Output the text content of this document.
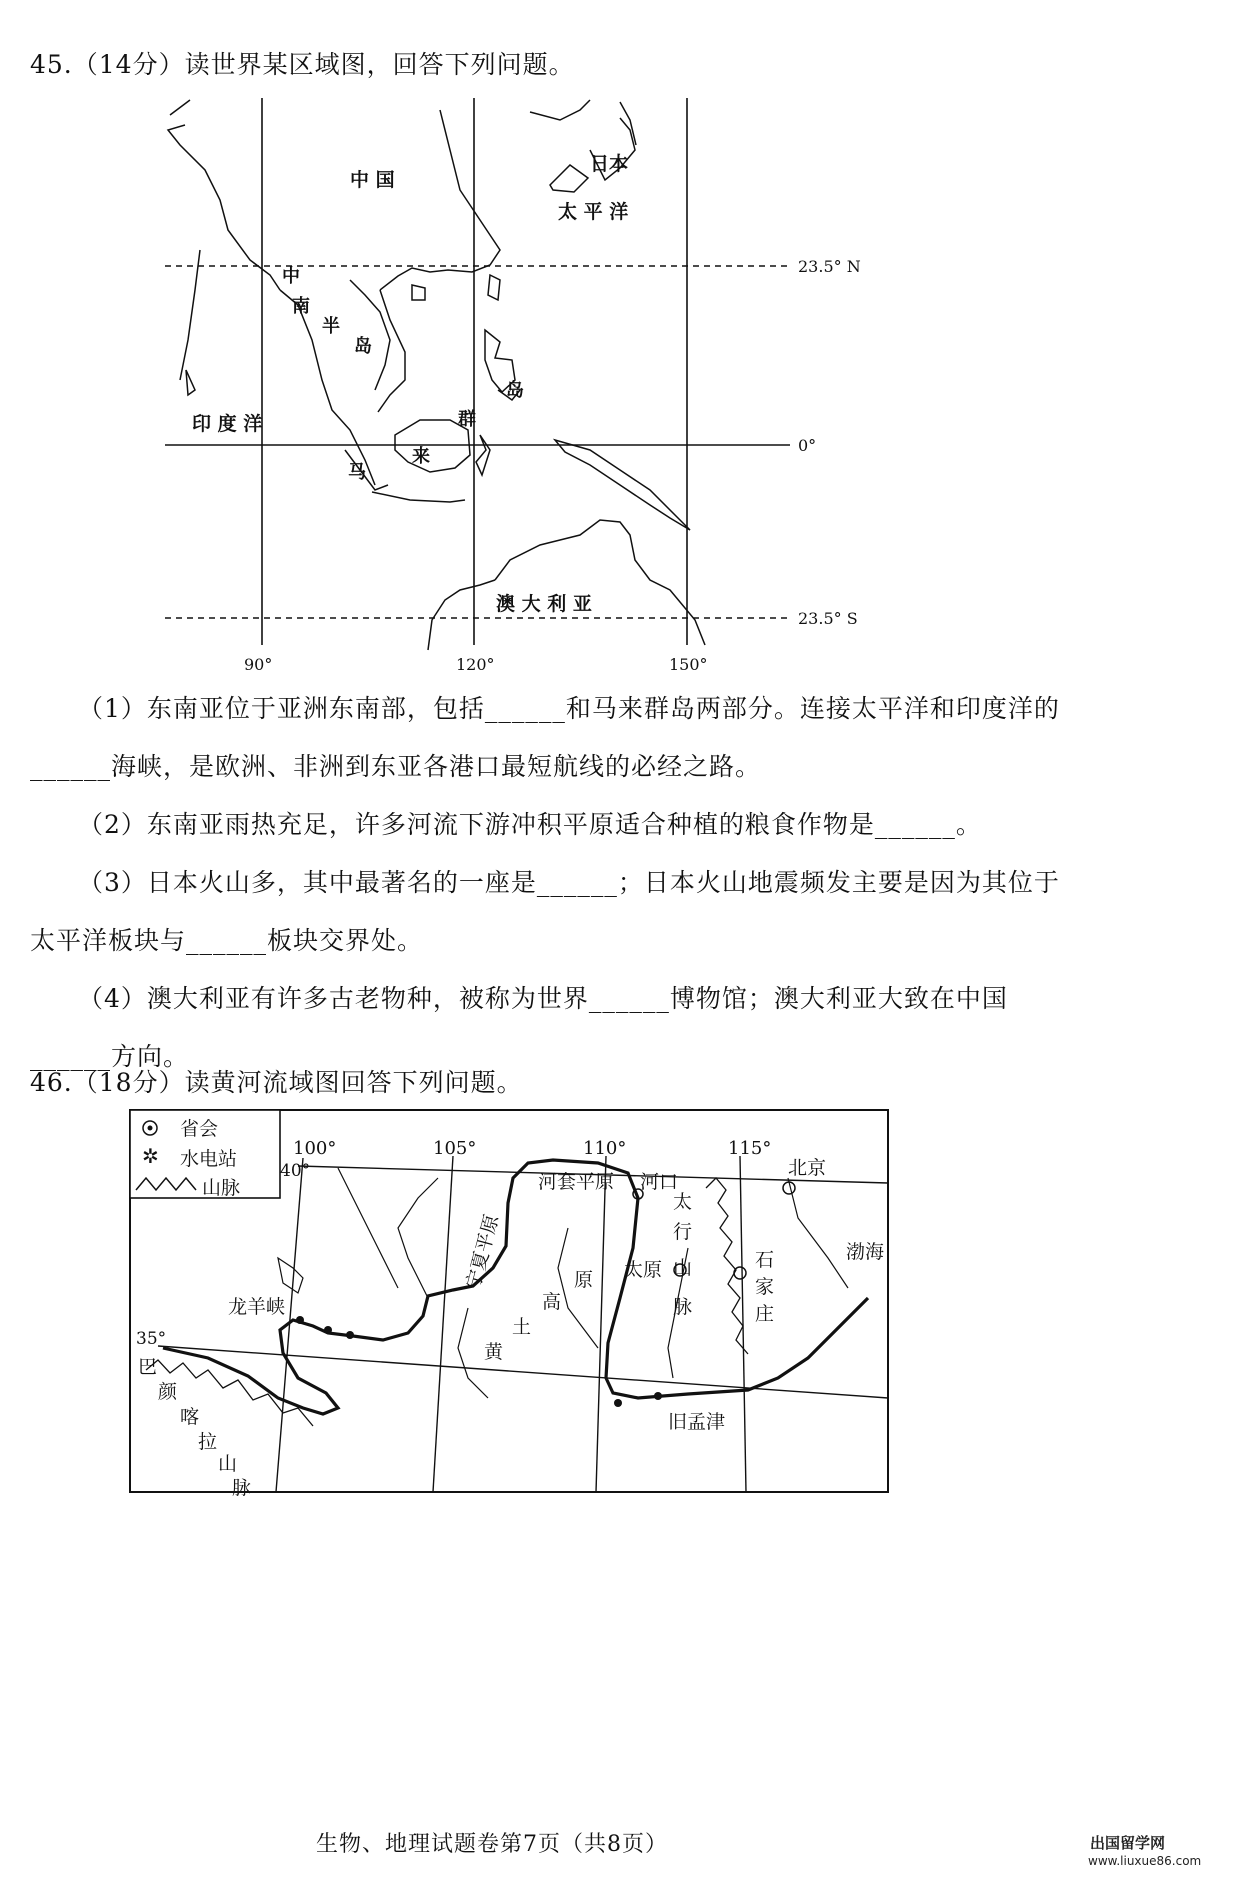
45.（14分）读世界某区域图，回答下列问题。
中 国
日本
太 平 洋
印 度 洋
澳 大 利 亚
中
南
半
岛
马
来
群
岛
23.5° N
0°
23.5° S
90°	120°	150°
（1）东南亚位于亚洲东南部，包括______和马来群岛两部分。连接太平洋和印度洋的
______海峡，是欧洲、非洲到东亚各港口最短航线的必经之路。
（2）东南亚雨热充足，许多河流下游冲积平原适合种植的粮食作物是______。
（3）日本火山多，其中最著名的一座是______；日本火山地震频发主要是因为其位于
太平洋板块与______板块交界处。
（4）澳大利亚有许多古老物种，被称为世界______博物馆；澳大利亚大致在中国
______方向。
46.（18分）读黄河流域图回答下列问题。
省会
✲ 水电站
山脉
100°	105°	110°	115°
40°
35°
河套平原 河口
宁夏平原
北京
渤海
太
行
山
脉
石
家
庄
太原
龙羊峡
黄
土
高
原
巴
颜
喀
拉
山
脉
旧孟津
生物、地理试题卷第7页（共8页）	出国留学网
www.liuxue86.com
